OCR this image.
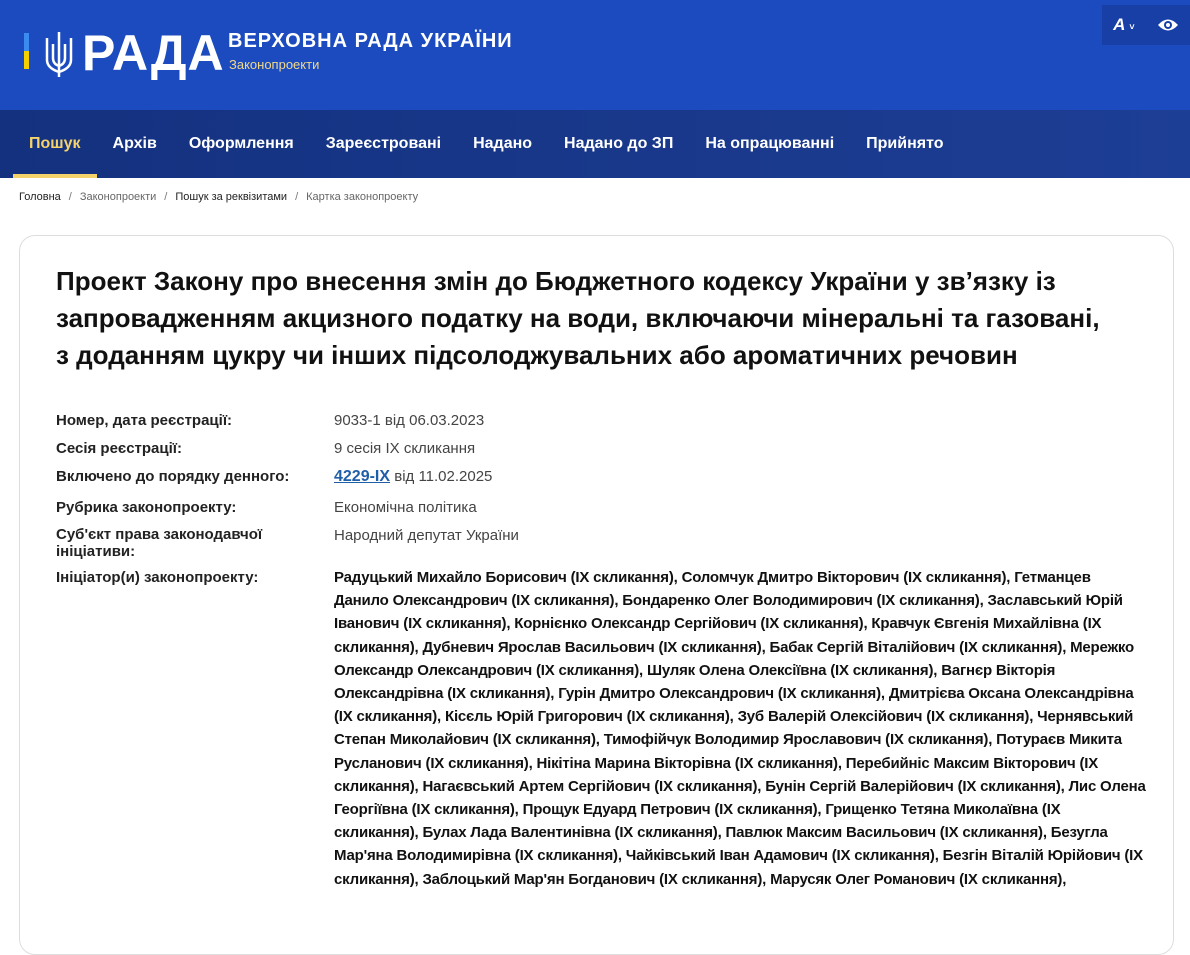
РАДА ВЕРХОВНА РАДА УКРАЇНИ
Законопроекти
A ˅
Пошук	Архів	Оформлення	Зареєстровані	Надано	Надано до ЗП	На опрацюванні	Прийнято
Головна / Законопроекти / Пошук за реквізитами / Картка законопроекту
Проект Закону про внесення змін до Бюджетного кодексу України у зв’язку із запровадженням акцизного податку на води, включаючи мінеральні та газовані, з доданням цукру чи інших підсолоджувальних або ароматичних речовин
Номер, дата реєстрації:	9033-1 від 06.03.2023
Сесія реєстрації:	9 сесія IX скликання
Включено до порядку денного:	4229-IX від 11.02.2025
Рубрика законопроекту:	Економічна політика
Суб'єкт права законодавчої ініціативи:
Народний депутат України
Ініціатор(и) законопроекту:	Радуцький Михайло Борисович (IX скликання), Соломчук Дмитро Вікторович (IX скликання), Гетманцев Данило Олександрович (IX скликання), Бондаренко Олег Володимирович (IX скликання), Заславський Юрій Іванович (IX скликання), Корнієнко Олександр Сергійович (IX скликання), Кравчук Євгенія Михайлівна (IX скликання), Дубневич Ярослав Васильович (IX скликання), Бабак Сергій Віталійович (IX скликання), Мережко Олександр Олександрович (IX скликання), Шуляк Олена Олексіївна (IX скликання), Вагнєр Вікторія Олександрівна (IX скликання), Гурін Дмитро Олександрович (IX скликання), Дмитрієва Оксана Олександрівна (IX скликання), Кісєль Юрій Григорович (IX скликання), Зуб Валерій Олексійович (IX скликання), Чернявський Степан Миколайович (IX скликання), Тимофійчук Володимир Ярославович (IX скликання), Потураєв Микита Русланович (IX скликання), Нікітіна Марина Вікторівна (IX скликання), Перебийніс Максим Вікторович (IX скликання), Нагаєвський Артем Сергійович (IX скликання), Бунін Сергій Валерійович (IX скликання), Лис Олена Георгіївна (IX скликання), Прощук Едуард Петрович (IX скликання), Грищенко Тетяна Миколаївна (IX скликання), Булах Лада Валентинівна (IX скликання), Павлюк Максим Васильович (IX скликання), Безугла Мар'яна Володимирівна (IX скликання), Чайківський Іван Адамович (IX скликання), Безгін Віталій Юрійович (IX скликання), Заблоцький Мар'ян Богданович (IX скликання), Марусяк Олег Романович (IX скликання),
